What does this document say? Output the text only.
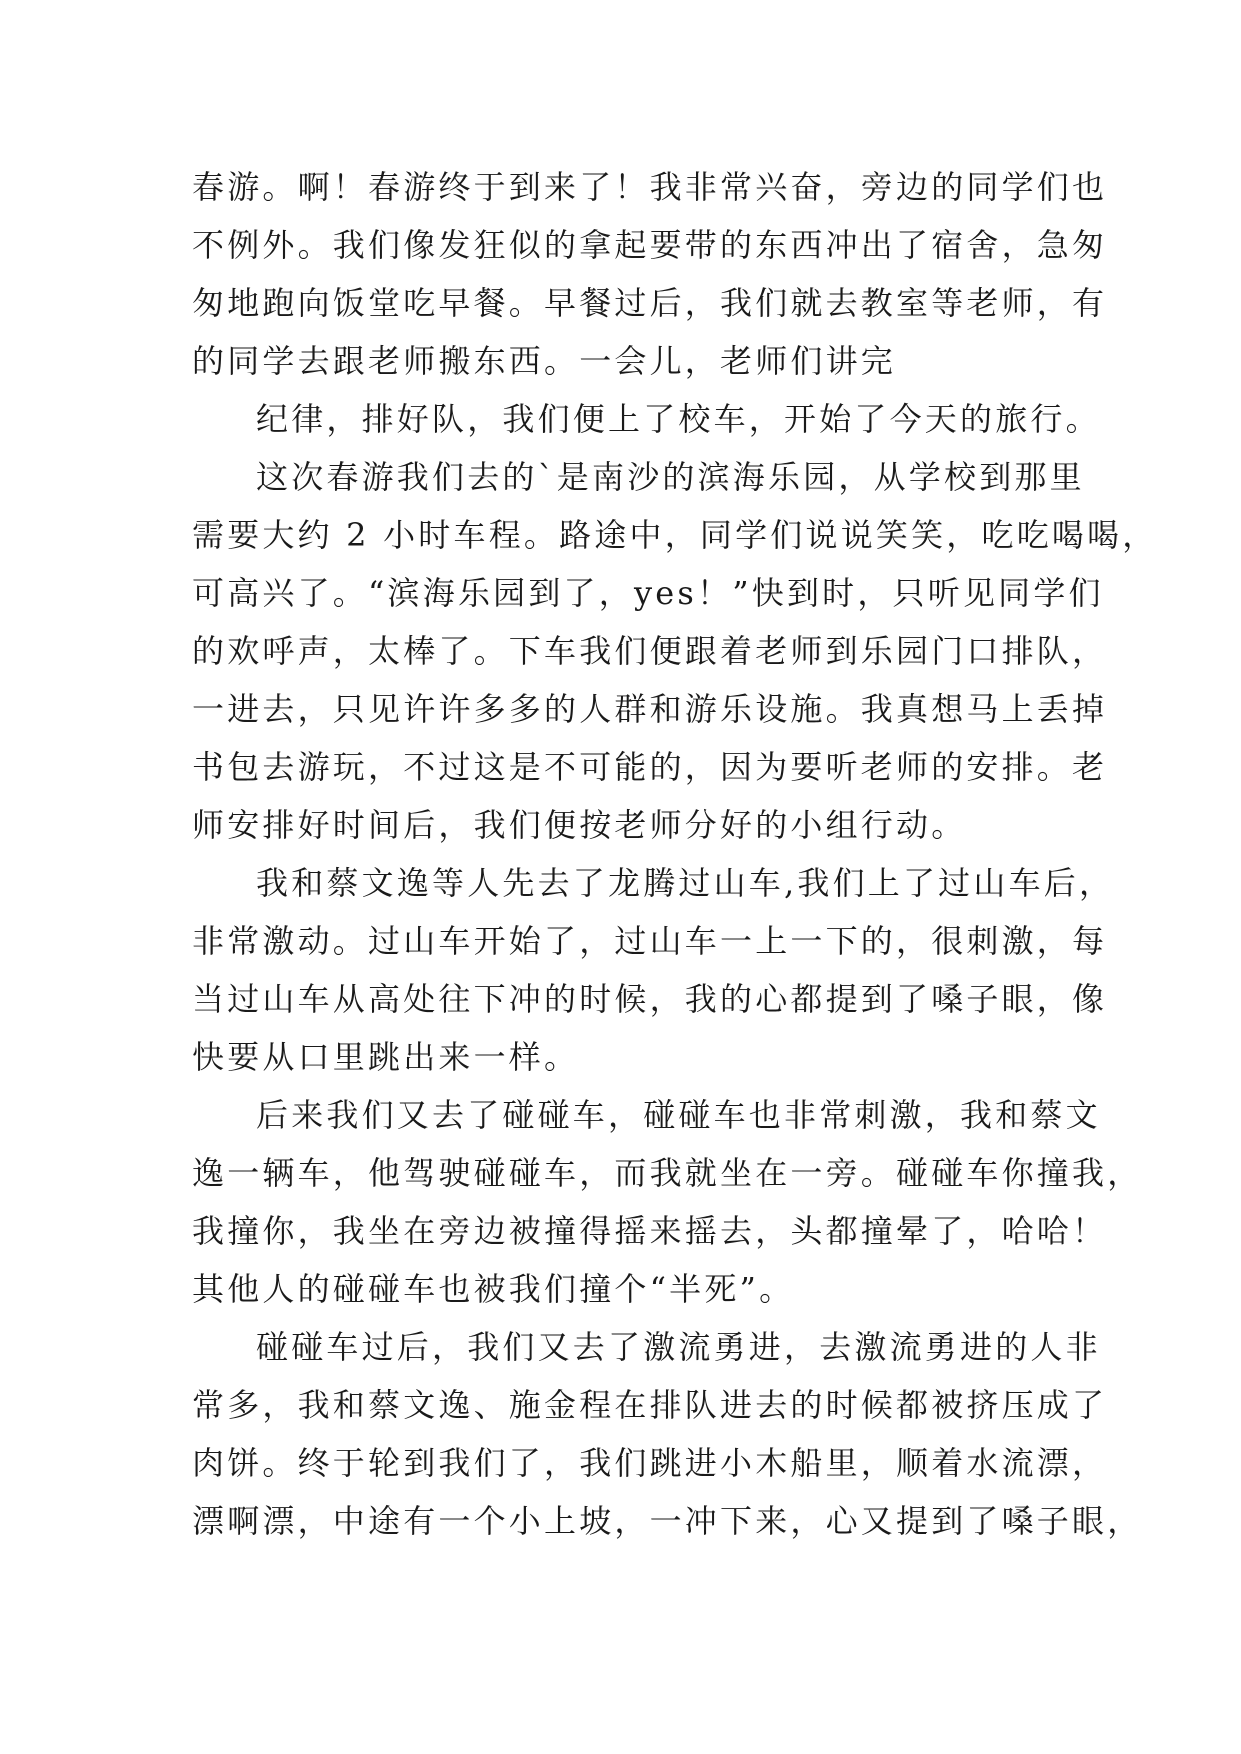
春游。啊！春游终于到来了！我非常兴奋，旁边的同学们也
不例外。我们像发狂似的拿起要带的东西冲出了宿舍，急匆
匆地跑向饭堂吃早餐。早餐过后，我们就去教室等老师，有
的同学去跟老师搬东西。一会儿，老师们讲完
纪律，排好队，我们便上了校车，开始了今天的旅行。
这次春游我们去的`是南沙的滨海乐园，从学校到那里
需要大约 2 小时车程。路途中，同学们说说笑笑，吃吃喝喝，
可高兴了。“滨海乐园到了，yes！”快到时，只听见同学们
的欢呼声，太棒了。下车我们便跟着老师到乐园门口排队，
一进去，只见许许多多的人群和游乐设施。我真想马上丢掉
书包去游玩，不过这是不可能的，因为要听老师的安排。老
师安排好时间后，我们便按老师分好的小组行动。
我和蔡文逸等人先去了龙腾过山车,我们上了过山车后，
非常激动。过山车开始了，过山车一上一下的，很刺激，每
当过山车从高处往下冲的时候，我的心都提到了嗓子眼，像
快要从口里跳出来一样。
后来我们又去了碰碰车，碰碰车也非常刺激，我和蔡文
逸一辆车，他驾驶碰碰车，而我就坐在一旁。碰碰车你撞我，
我撞你，我坐在旁边被撞得摇来摇去，头都撞晕了，哈哈！
其他人的碰碰车也被我们撞个“半死”。
碰碰车过后，我们又去了激流勇进，去激流勇进的人非
常多，我和蔡文逸、施金程在排队进去的时候都被挤压成了
肉饼。终于轮到我们了，我们跳进小木船里，顺着水流漂，
漂啊漂，中途有一个小上坡，一冲下来，心又提到了嗓子眼，
